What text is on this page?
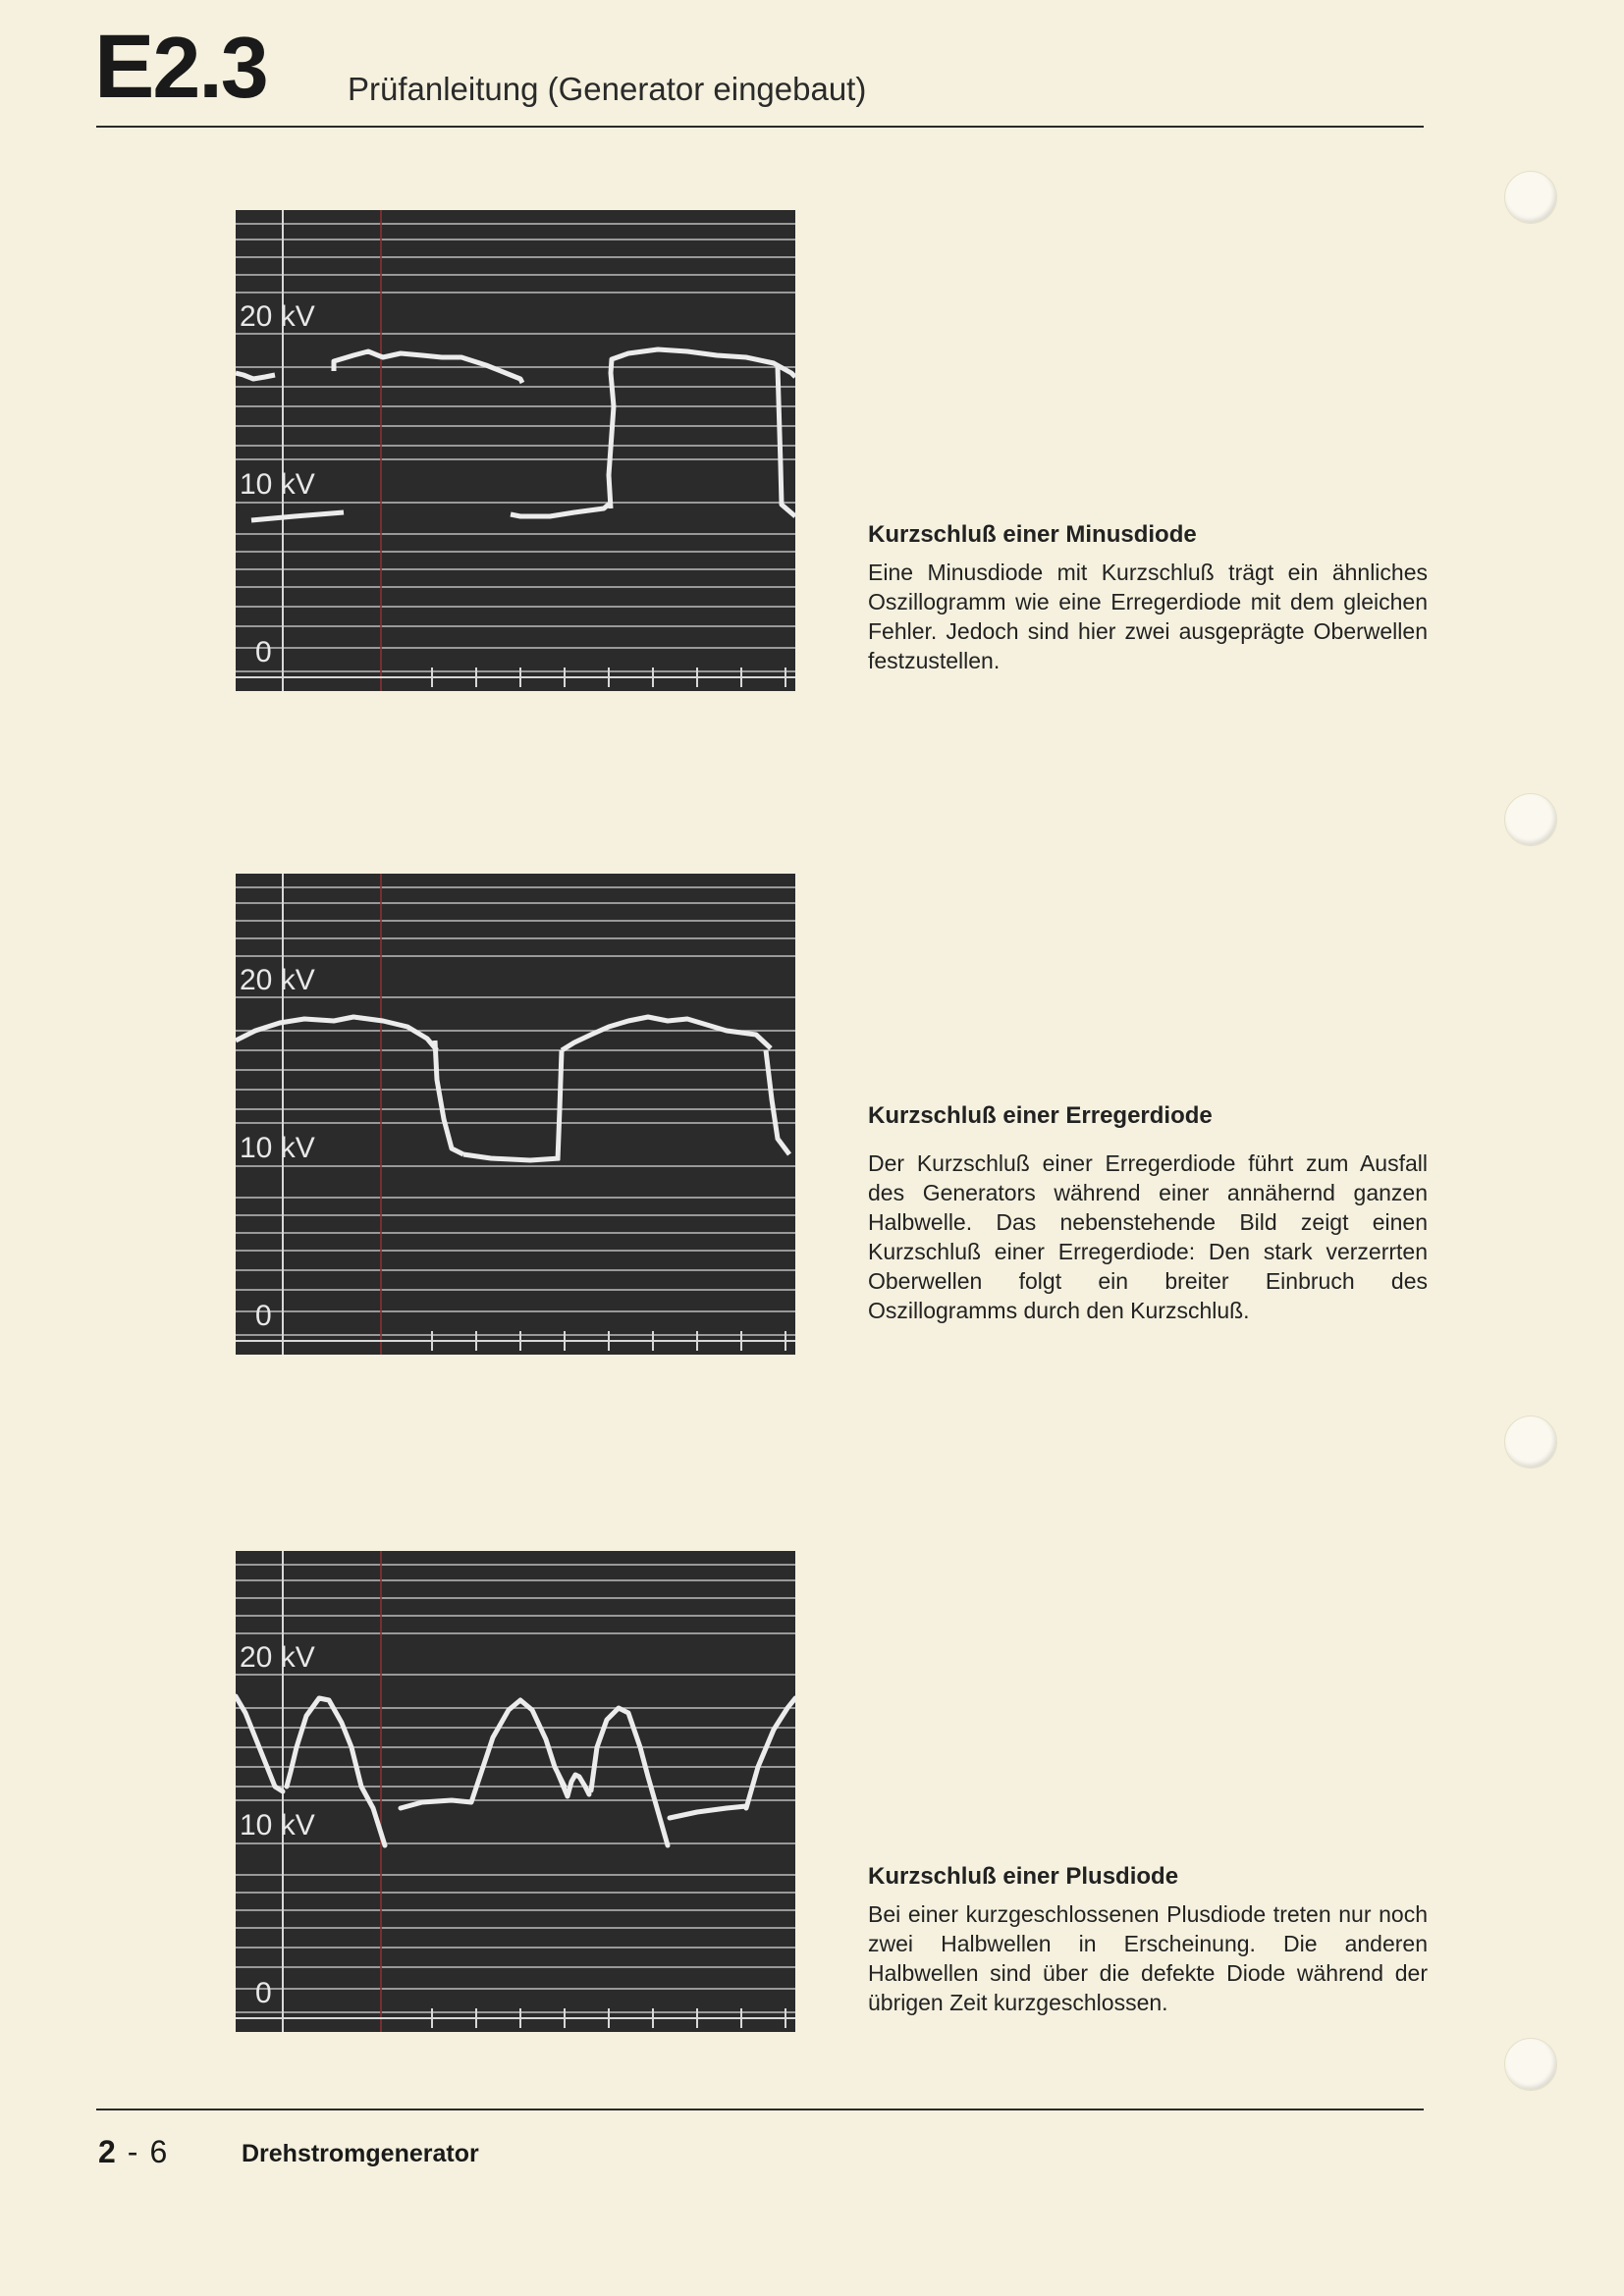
E2.3 Prüfanleitung (Generator eingebaut)
20 kV
10 kV
0
20 kV
10 kV
0
20 kV
10 kV
0
Kurzschluß einer Minusdiode

Eine Minusdiode mit Kurzschluß trägt ein ähnliches Oszillogramm wie eine Erregerdiode mit dem gleichen Fehler. Jedoch sind hier zwei ausgeprägte Oberwellen festzustellen.

Kurzschluß einer Erregerdiode

Der Kurzschluß einer Erregerdiode führt zum Ausfall des Generators während einer annähernd ganzen Halbwelle. Das nebenstehende Bild zeigt einen Kurzschluß einer Erregerdiode: Den stark verzerrten Oberwellen folgt ein breiter Einbruch des Oszillogramms durch den Kurzschluß.

Kurzschluß einer Plusdiode

Bei einer kurzgeschlossenen Plusdiode treten nur noch zwei Halbwellen in Erscheinung. Die anderen Halbwellen sind über die defekte Diode während der übrigen Zeit kurzgeschlossen.

2 - 6	Drehstromgenerator
